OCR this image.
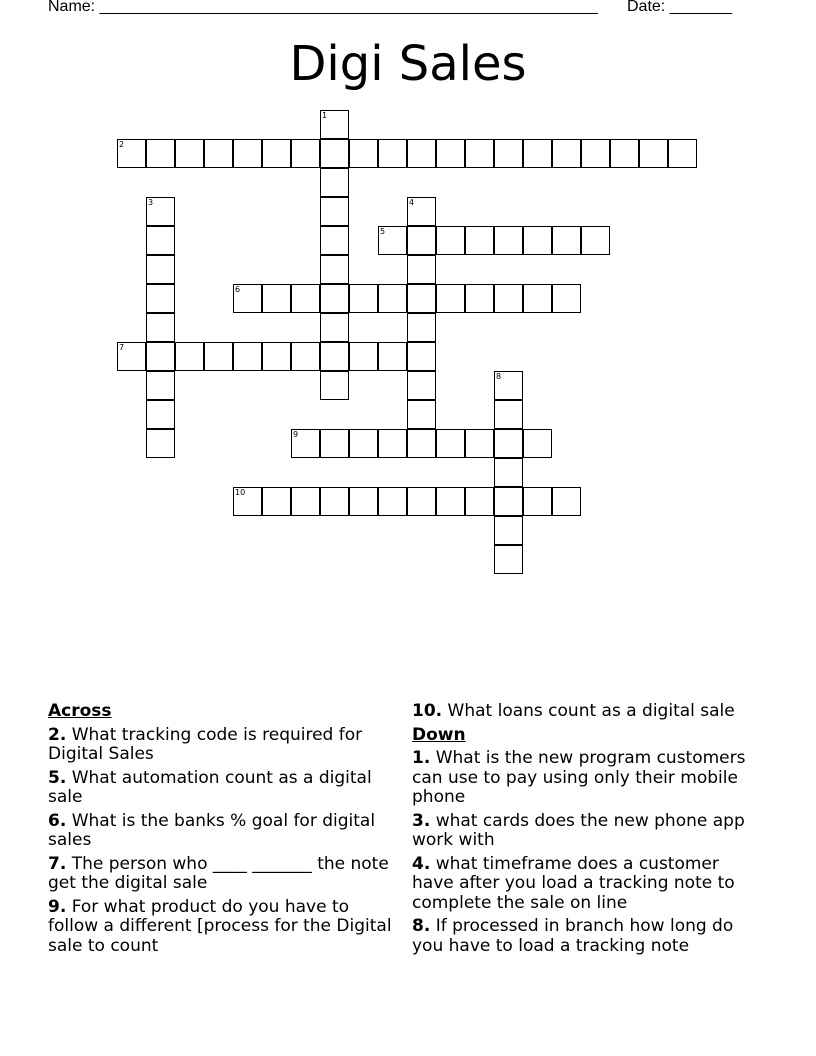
Name: ________________________________________________________ Date: _______
Digi Sales
1
2
3	4
5
6
7
8
9
10
Across
2. What tracking code is required for Digital Sales
5. What automation count as a digital sale
6. What is the banks % goal for digital sales
7. The person who ____ _______ the note get the digital sale
9. For what product do you have to follow a different [process for the Digital sale to count
10. What loans count as a digital sale
Down
1. What is the new program customers can use to pay using only their mobile phone
3. what cards does the new phone app work with
4. what timeframe does a customer have after you load a tracking note to complete the sale on line
8. If processed in branch how long do you have to load a tracking note
